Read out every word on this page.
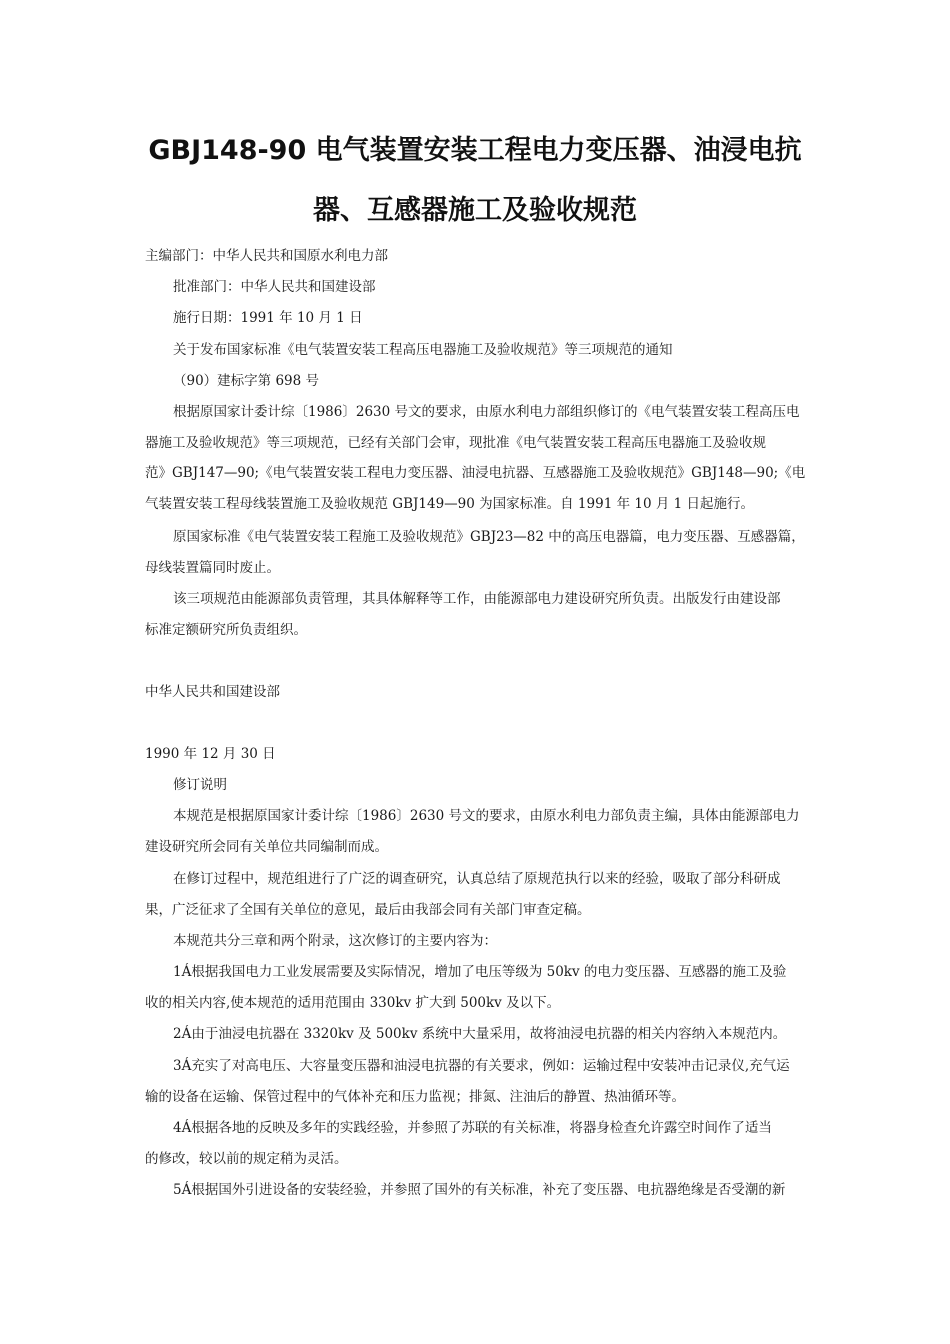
GBJ148-90 电气装置安装工程电力变压器、油浸电抗
器、互感器施工及验收规范
主编部门：中华人民共和国原水利电力部
批准部门：中华人民共和国建设部
施行日期：1991 年 10 月 1 日
关于发布国家标准《电气装置安装工程高压电器施工及验收规范》等三项规范的通知
（90）建标字第 698 号
根据原国家计委计综〔1986〕2630 号文的要求，由原水利电力部组织修订的《电气装置安装工程高压电
器施工及验收规范》等三项规范，已经有关部门会审，现批准《电气装置安装工程高压电器施工及验收规
范》GBJ147—90;《电气装置安装工程电力变压器、油浸电抗器、互感器施工及验收规范》GBJ148—90;《电
气装置安装工程母线装置施工及验收规范 GBJ149—90 为国家标准。自 1991 年 10 月 1 日起施行。
原国家标准《电气装置安装工程施工及验收规范》GBJ23—82 中的高压电器篇，电力变压器、互感器篇，
母线装置篇同时废止。
该三项规范由能源部负责管理，其具体解释等工作，由能源部电力建设研究所负责。出版发行由建设部
标准定额研究所负责组织。
中华人民共和国建设部
1990 年 12 月 30 日
修订说明
本规范是根据原国家计委计综〔1986〕2630 号文的要求，由原水利电力部负责主编，具体由能源部电力
建设研究所会同有关单位共同编制而成。
在修订过程中，规范组进行了广泛的调查研究，认真总结了原规范执行以来的经验，吸取了部分科研成
果，广泛征求了全国有关单位的意见，最后由我部会同有关部门审查定稿。
本规范共分三章和两个附录，这次修订的主要内容为：
1Á根据我国电力工业发展需要及实际情况，增加了电压等级为 50kv 的电力变压器、互感器的施工及验
收的相关内容,使本规范的适用范围由 330kv 扩大到 500kv 及以下。
2Á由于油浸电抗器在 3320kv 及 500kv 系统中大量采用，故将油浸电抗器的相关内容纳入本规范内。
3Á充实了对高电压、大容量变压器和油浸电抗器的有关要求，例如：运输过程中安装冲击记录仪,充气运
输的设备在运输、保管过程中的气体补充和压力监视；排氮、注油后的静置、热油循环等。
4Á根据各地的反映及多年的实践经验，并参照了苏联的有关标准，将器身检查允许露空时间作了适当
的修改，较以前的规定稍为灵活。
5Á根据国外引进设备的安装经验，并参照了国外的有关标准，补充了变压器、电抗器绝缘是否受潮的新
